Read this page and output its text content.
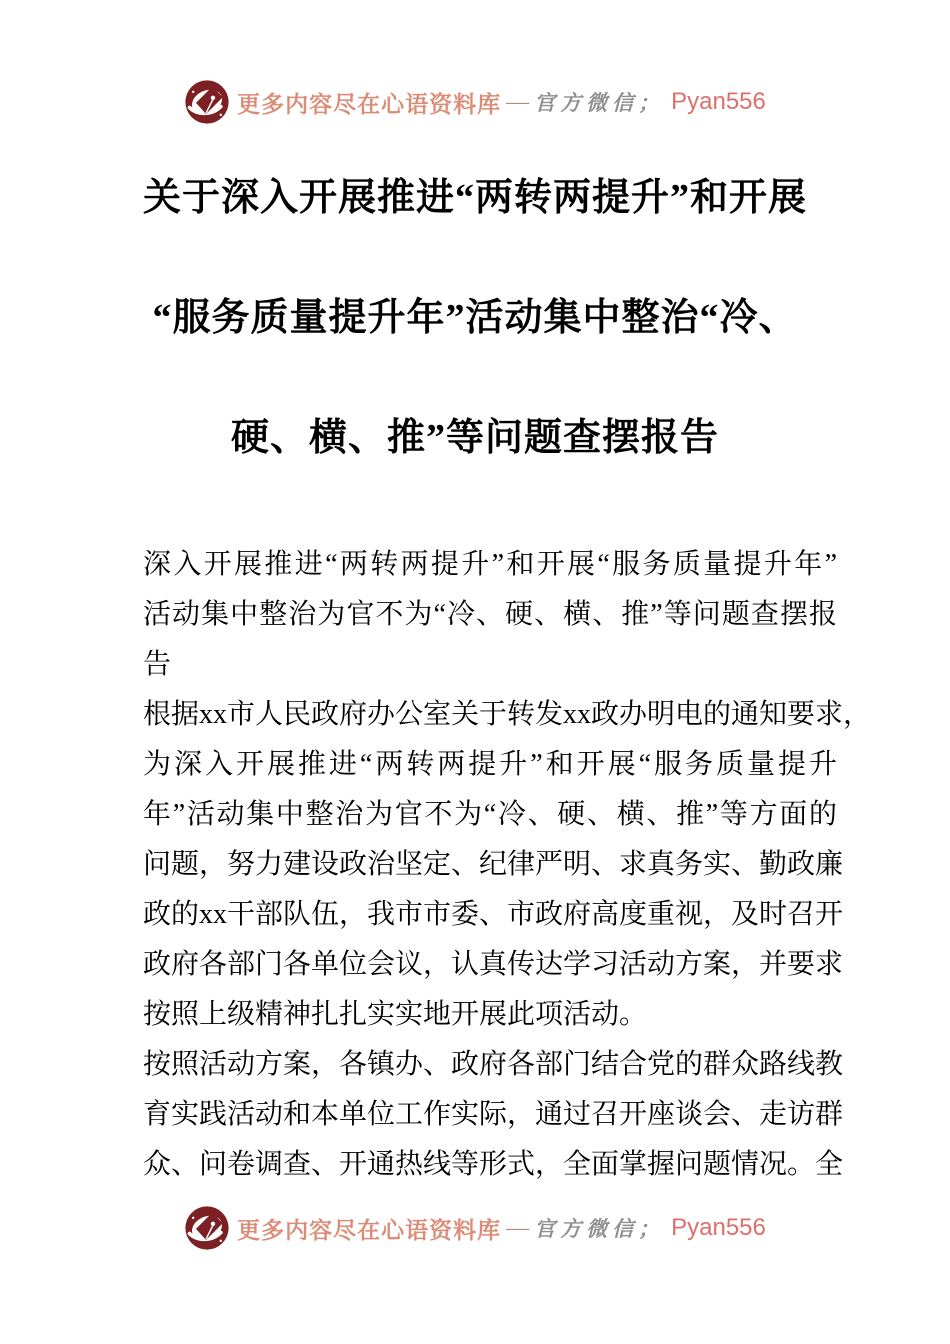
更多内容尽在心语资料库 — 官方微信； Pyan556
关于深入开展推进“两转两提升”和开展
“服务质量提升年”活动集中整治“冷、
硬、横、推”等问题查摆报告
深入开展推进“两转两提升”和开展“服务质量提升年”
活动集中整治为官不为“冷、硬、横、推”等问题查摆报
告
根据xx市人民政府办公室关于转发xx政办明电的通知要求，
为深入开展推进“两转两提升”和开展“服务质量提升
年”活动集中整治为官不为“冷、硬、横、推”等方面的
问题，努力建设政治坚定、纪律严明、求真务实、勤政廉
政的xx干部队伍，我市市委、市政府高度重视，及时召开
政府各部门各单位会议，认真传达学习活动方案，并要求
按照上级精神扎扎实实地开展此项活动。
按照活动方案，各镇办、政府各部门结合党的群众路线教
育实践活动和本单位工作实际，通过召开座谈会、走访群
众、问卷调查、开通热线等形式，全面掌握问题情况。全
更多内容尽在心语资料库 — 官方微信； Pyan556
